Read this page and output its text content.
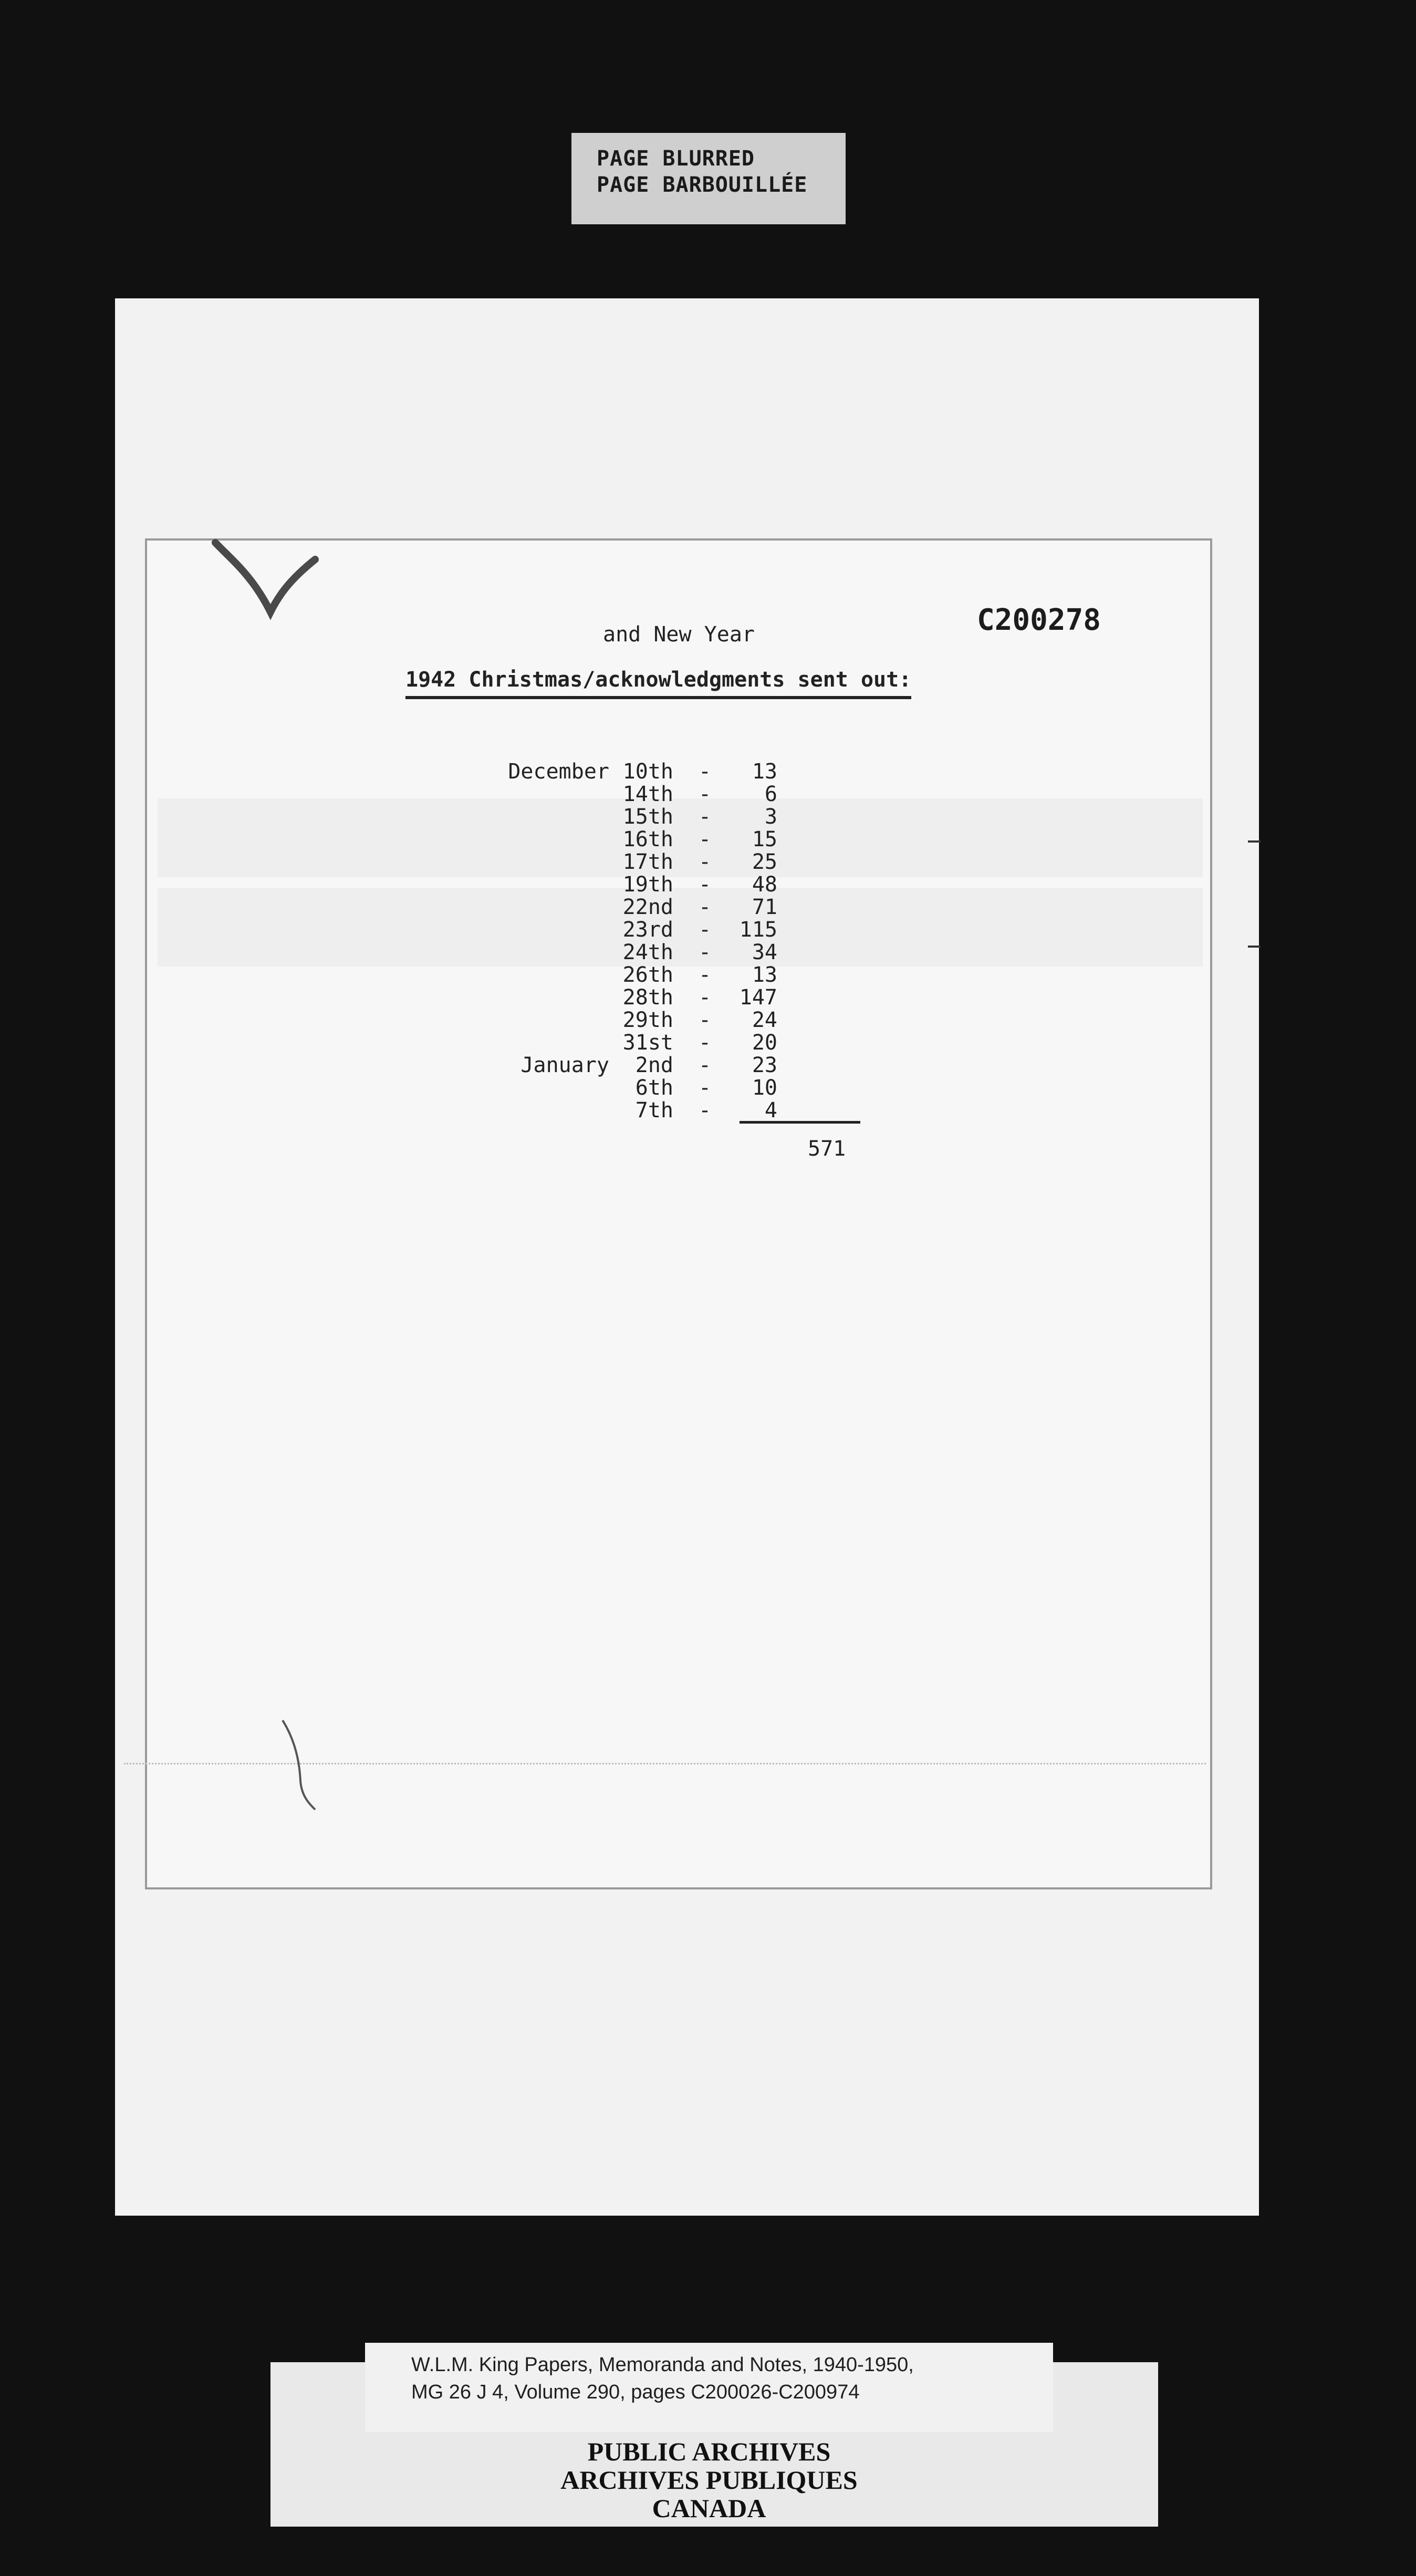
PAGE BLURRED
PAGE BARBOUILLÉE
C200278
and New Year
1942 Christmas/acknowledgments sent out:
December 10th -	13
14th -	6
15th -	3
16th -	15
17th -	25
19th -	48
22nd -	71
23rd -	115
24th -	34
26th -	13
28th -	147
29th -	24
31st -	20
January	2nd -	23
6th -	10
7th -	4
571
W.L.M. King Papers, Memoranda and Notes, 1940-1950,
MG 26 J 4, Volume 290, pages C200026-C200974
PUBLIC ARCHIVES
ARCHIVES PUBLIQUES
CANADA
